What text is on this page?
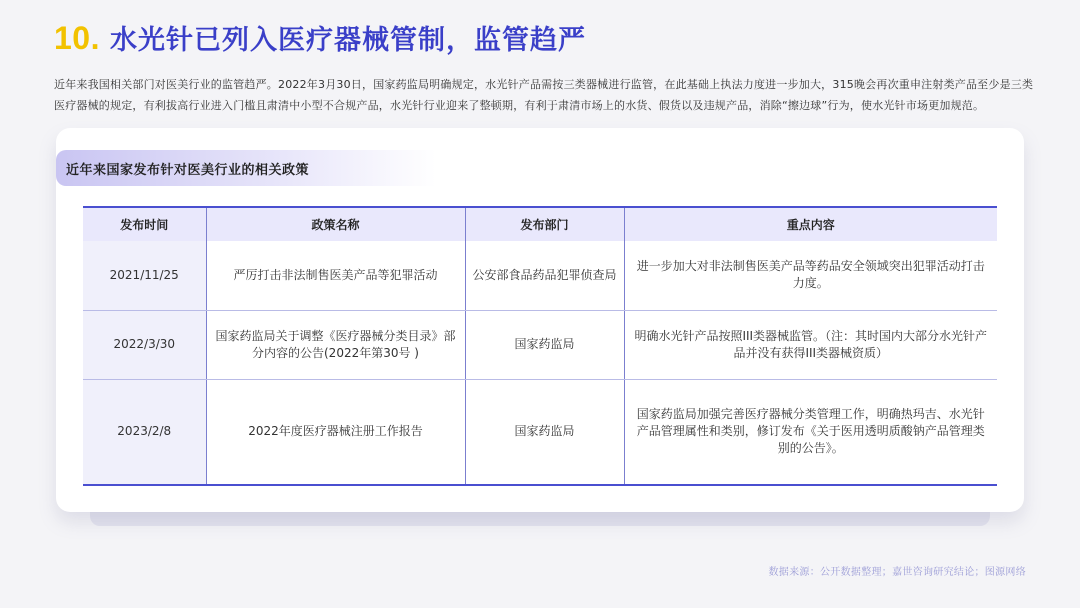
10. 水光针已列入医疗器械管制，监管趋严
近年来我国相关部门对医美行业的监管趋严。2022年3月30日，国家药监局明确规定，水光针产品需按三类器械进行监管，在此基础上执法力度进一步加大，315晚会再次重申注射类产品至少是三类医疗器械的规定，有利拔高行业进入门槛且肃清中小型不合规产品，水光针行业迎来了整顿期，有利于肃清市场上的水货、假货以及违规产品，消除“擦边球”行为，使水光针市场更加规范。
近年来国家发布针对医美行业的相关政策
发布时间	政策名称	发布部门	重点内容
2021/11/25	严厉打击非法制售医美产品等犯罪活动	公安部食品药品犯罪侦查局	进一步加大对非法制售医美产品等药品安全领域突出犯罪活动打击力度。
2022/3/30	国家药监局关于调整《医疗器械分类目录》部分内容的公告(2022年第30号 )	国家药监局	明确水光针产品按照III类器械监管。（注：其时国内大部分水光针产品并没有获得III类器械资质）
2023/2/8	2022年度医疗器械注册工作报告	国家药监局	国家药监局加强完善医疗器械分类管理工作，明确热玛吉、水光针产品管理属性和类别，修订发布《关于医用透明质酸钠产品管理类别的公告》。
数据来源：公开数据整理；嘉世咨询研究结论；图源网络
